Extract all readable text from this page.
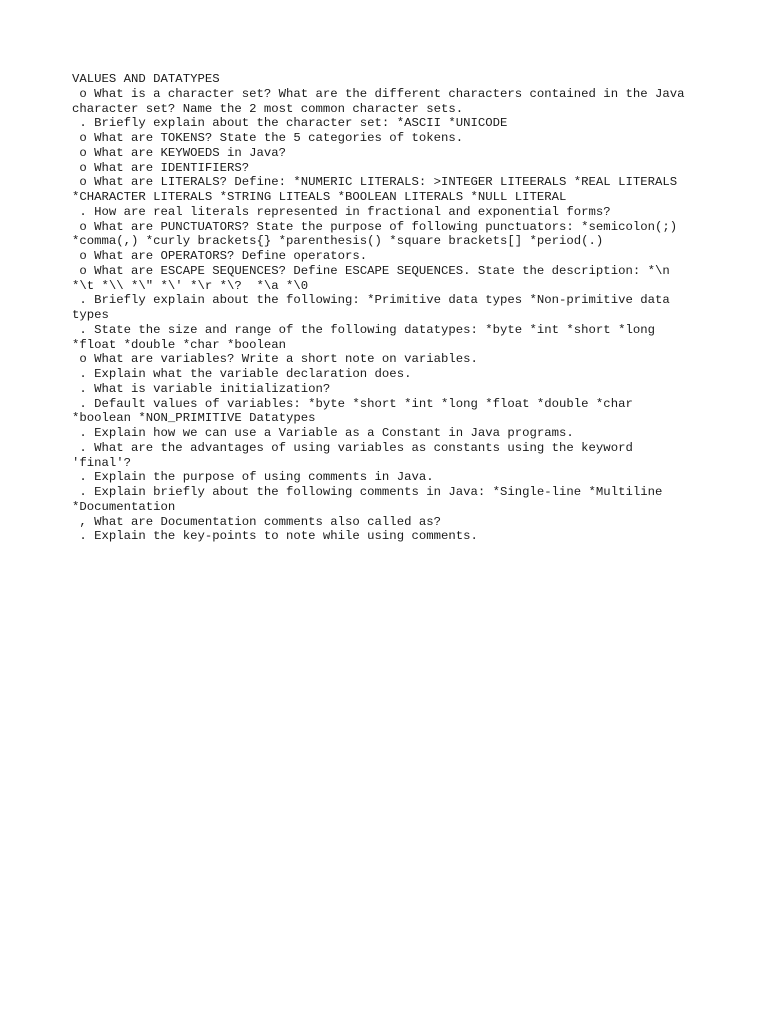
VALUES AND DATATYPES
o What is a character set? What are the different characters contained in the Java
character set? Name the 2 most common character sets.
. Briefly explain about the character set: *ASCII *UNICODE
o What are TOKENS? State the 5 categories of tokens.
o What are KEYWOEDS in Java?
o What are IDENTIFIERS?
o What are LITERALS? Define: *NUMERIC LITERALS: >INTEGER LITEERALS *REAL LITERALS
*CHARACTER LITERALS *STRING LITEALS *BOOLEAN LITERALS *NULL LITERAL
. How are real literals represented in fractional and exponential forms?
o What are PUNCTUATORS? State the purpose of following punctuators: *semicolon(;)
*comma(,) *curly brackets{} *parenthesis() *square brackets[] *period(.)
o What are OPERATORS? Define operators.
o What are ESCAPE SEQUENCES? Define ESCAPE SEQUENCES. State the description: *\n
*\t *\\ *\" *\' *\r *\?  *\a *\0
. Briefly explain about the following: *Primitive data types *Non-primitive data
types
. State the size and range of the following datatypes: *byte *int *short *long
*float *double *char *boolean
o What are variables? Write a short note on variables.
. Explain what the variable declaration does.
. What is variable initialization?
. Default values of variables: *byte *short *int *long *float *double *char
*boolean *NON_PRIMITIVE Datatypes
. Explain how we can use a Variable as a Constant in Java programs.
. What are the advantages of using variables as constants using the keyword
'final'?
. Explain the purpose of using comments in Java.
. Explain briefly about the following comments in Java: *Single-line *Multiline
*Documentation
, What are Documentation comments also called as?
. Explain the key-points to note while using comments.
